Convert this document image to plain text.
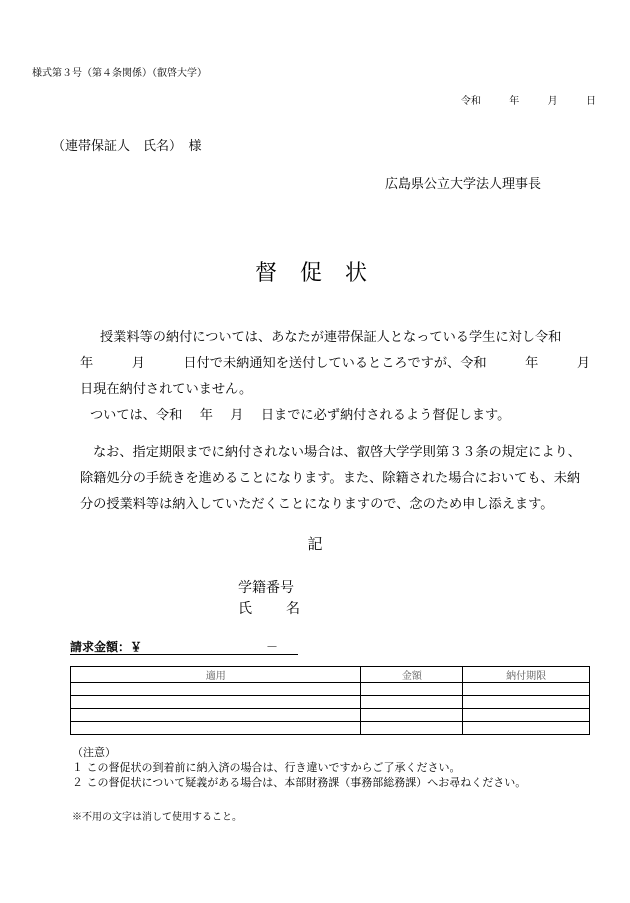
様式第３号（第４条関係）（叡啓大学）
令和	年	月	日
（連帯保証人　氏名）　様
広島県公立大学法人理事長
督 促 状
授業料等の納付については、あなたが連帯保証人となっている学生に対し令和
年	月	日付で未納通知を送付しているところですが、令和	年	月
日現在納付されていません。
ついては、令和　 年　 月　 日までに必ず納付されるよう督促します。
なお、指定期限までに納付されない場合は、叡啓大学学則第３３条の規定により、
除籍処分の手続きを進めることになります。また、除籍された場合においても、未納
分の授業料等は納入していただくことになりますので、念のため申し添えます。
記
学籍番号
氏　　名
請求金額：￥	－
適用	金額	納付期限

（注意）
１ この督促状の到着前に納入済の場合は、行き違いですからご了承ください。
２ この督促状について疑義がある場合は、本部財務課（事務部総務課）へお尋ねください。
※不用の文字は消して使用すること。
